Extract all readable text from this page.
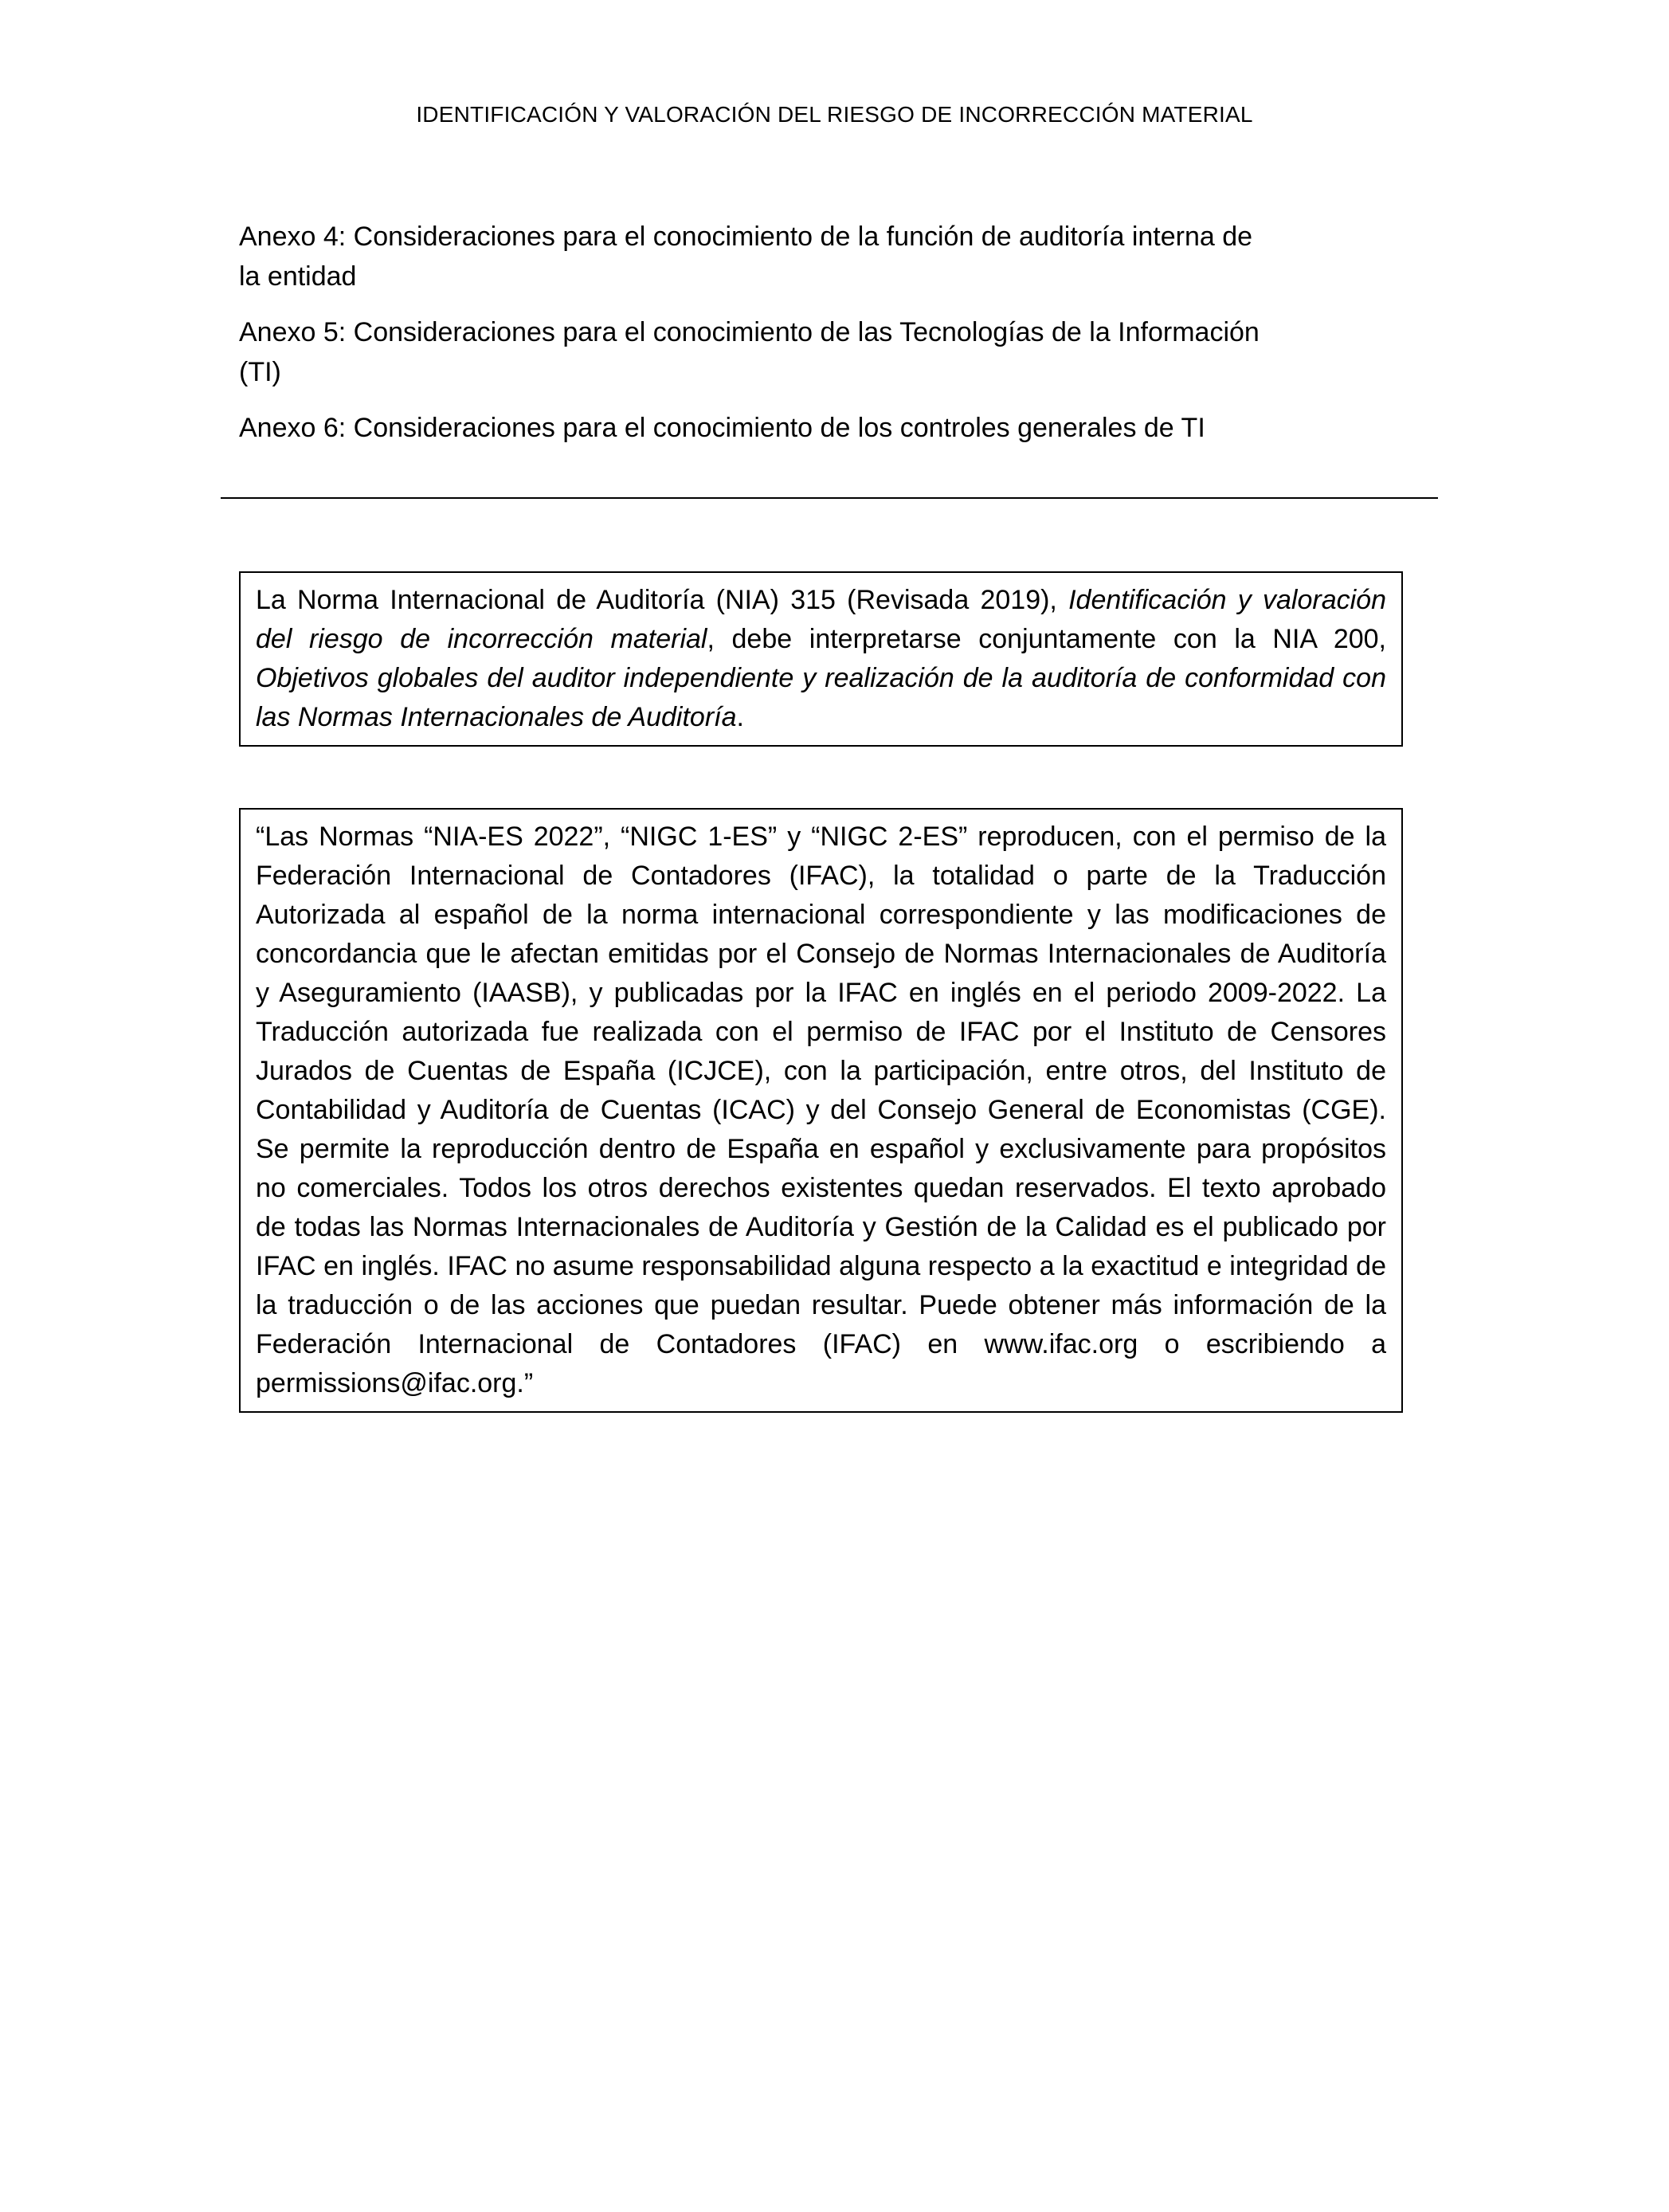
IDENTIFICACIÓN Y VALORACIÓN DEL RIESGO DE INCORRECCIÓN MATERIAL

Anexo 4: Consideraciones para el conocimiento de la función de auditoría interna de la entidad

Anexo 5: Consideraciones para el conocimiento de las Tecnologías de la Información (TI)

Anexo 6: Consideraciones para el conocimiento de los controles generales de TI

La Norma Internacional de Auditoría (NIA) 315 (Revisada 2019), Identificación y valoración del riesgo de incorrección material, debe interpretarse conjuntamente con la NIA 200, Objetivos globales del auditor independiente y realización de la auditoría de conformidad con las Normas Internacionales de Auditoría.
“Las Normas “NIA-ES 2022”, “NIGC 1-ES” y “NIGC 2-ES” reproducen, con el permiso de la Federación Internacional de Contadores (IFAC), la totalidad o parte de la Traducción Autorizada al español de la norma internacional correspondiente y las modificaciones de concordancia que le afectan emitidas por el Consejo de Normas Internacionales de Auditoría y Aseguramiento (IAASB), y publicadas por la IFAC en inglés en el periodo 2009-2022. La Traducción autorizada fue realizada con el permiso de IFAC por el Instituto de Censores Jurados de Cuentas de España (ICJCE), con la participación, entre otros, del Instituto de Contabilidad y Auditoría de Cuentas (ICAC) y del Consejo General de Economistas (CGE). Se permite la reproducción dentro de España en español y exclusivamente para propósitos no comerciales. Todos los otros derechos existentes quedan reservados. El texto aprobado de todas las Normas Internacionales de Auditoría y Gestión de la Calidad es el publicado por IFAC en inglés. IFAC no asume responsabilidad alguna respecto a la exactitud e integridad de la traducción o de las acciones que puedan resultar. Puede obtener más información de la Federación Internacional de Contadores (IFAC) en www.ifac.org o escribiendo a permissions@ifac.org.”
